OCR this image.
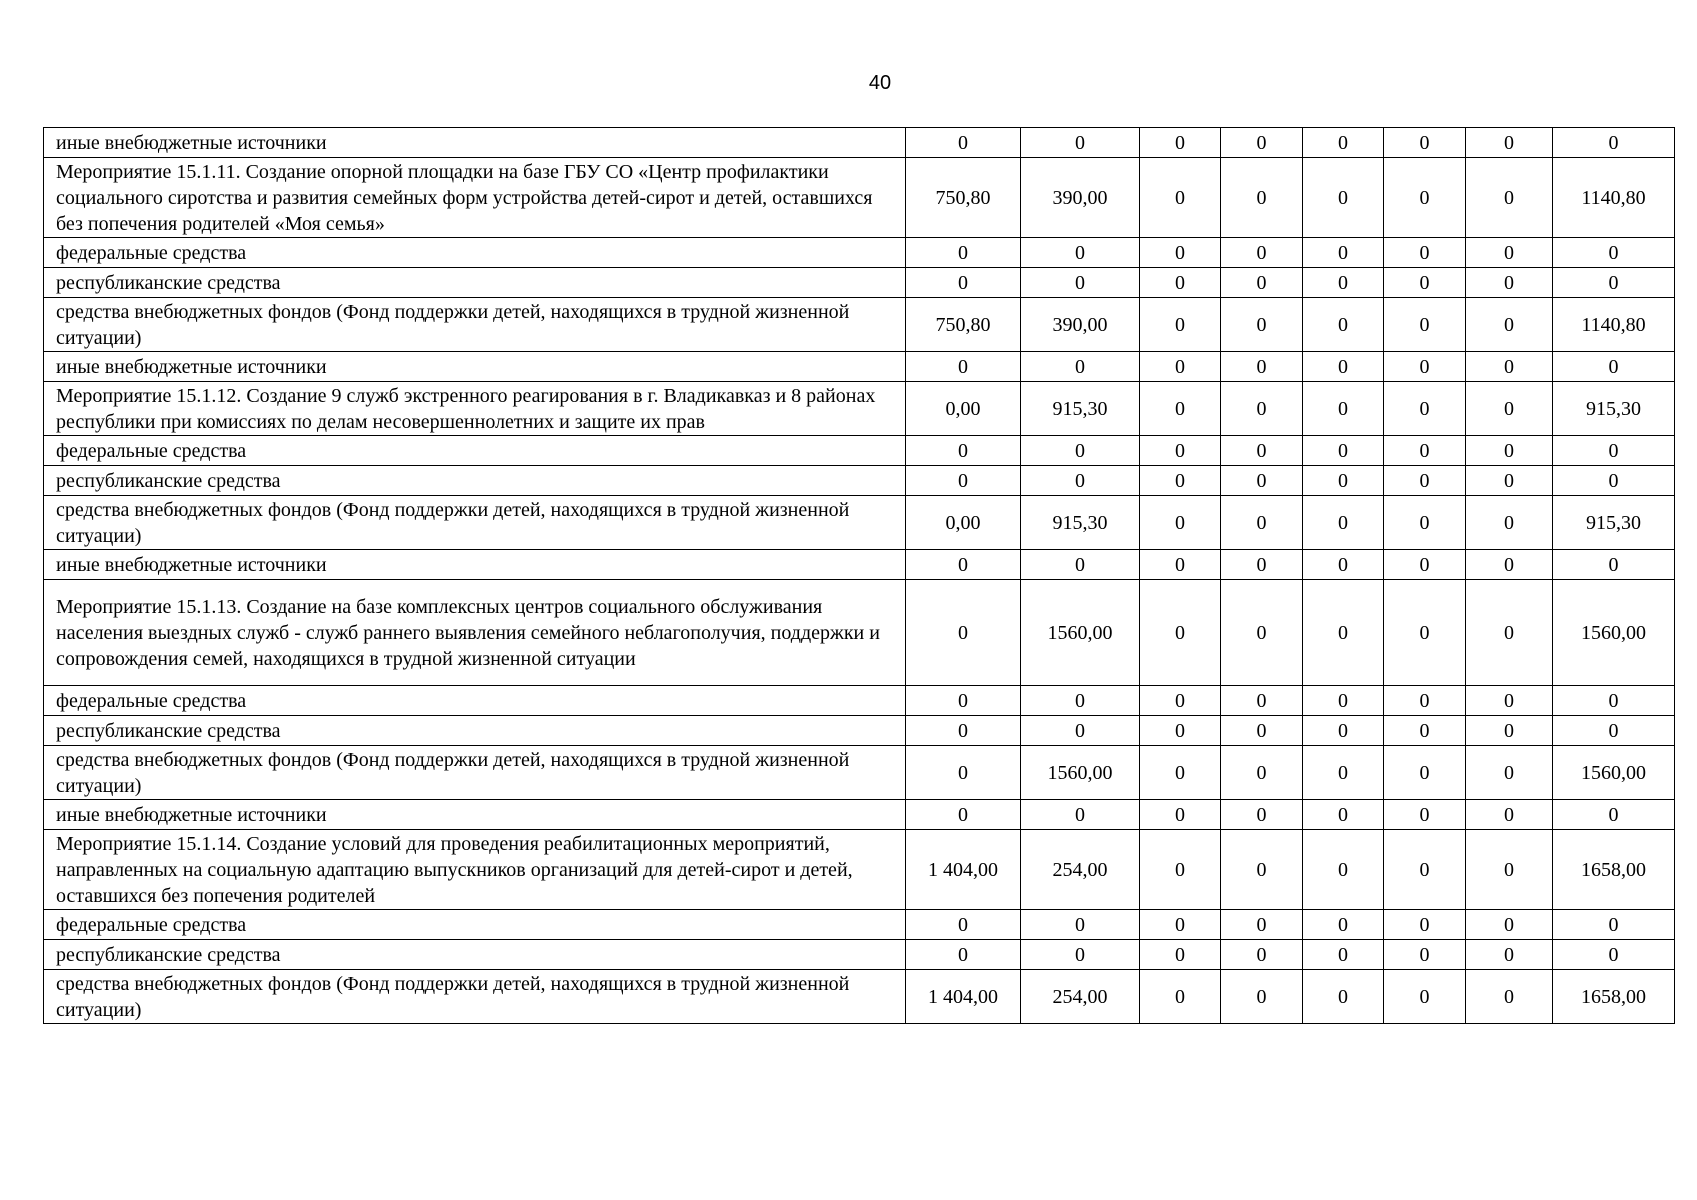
40
иные внебюджетные источники	0	0	0	0	0	0	0	0
Мероприятие 15.1.11. Создание опорной площадки на базе ГБУ СО «Центр профилактики социального сиротства и развития семейных форм устройства детей-сирот и детей, оставшихся без попечения родителей «Моя семья»	750,80	390,00	0	0	0	0	0	1140,80
федеральные средства	0	0	0	0	0	0	0	0
республиканские средства	0	0	0	0	0	0	0	0
средства внебюджетных фондов (Фонд поддержки детей, находящихся в трудной жизненной ситуации)	750,80	390,00	0	0	0	0	0	1140,80
иные внебюджетные источники	0	0	0	0	0	0	0	0
Мероприятие 15.1.12. Создание 9 служб экстренного реагирования в г. Владикавказ и 8 районах республики при комиссиях по делам несовершеннолетних и защите их прав	0,00	915,30	0	0	0	0	0	915,30
федеральные средства	0	0	0	0	0	0	0	0
республиканские средства	0	0	0	0	0	0	0	0
средства внебюджетных фондов (Фонд поддержки детей, находящихся в трудной жизненной ситуации)	0,00	915,30	0	0	0	0	0	915,30
иные внебюджетные источники	0	0	0	0	0	0	0	0
Мероприятие 15.1.13. Создание на базе комплексных центров социального обслуживания населения выездных служб - служб раннего выявления семейного неблагополучия, поддержки и сопровождения семей, находящихся в трудной жизненной ситуации	0	1560,00	0	0	0	0	0	1560,00
федеральные средства	0	0	0	0	0	0	0	0
республиканские средства	0	0	0	0	0	0	0	0
средства внебюджетных фондов (Фонд поддержки детей, находящихся в трудной жизненной ситуации)	0	1560,00	0	0	0	0	0	1560,00
иные внебюджетные источники	0	0	0	0	0	0	0	0
Мероприятие 15.1.14. Создание условий для проведения реабилитационных мероприятий, направленных на социальную адаптацию выпускников организаций для детей-сирот и детей, оставшихся без попечения родителей	1 404,00	254,00	0	0	0	0	0	1658,00
федеральные средства	0	0	0	0	0	0	0	0
республиканские средства	0	0	0	0	0	0	0	0
средства внебюджетных фондов (Фонд поддержки детей, находящихся в трудной жизненной ситуации)	1 404,00	254,00	0	0	0	0	0	1658,00
